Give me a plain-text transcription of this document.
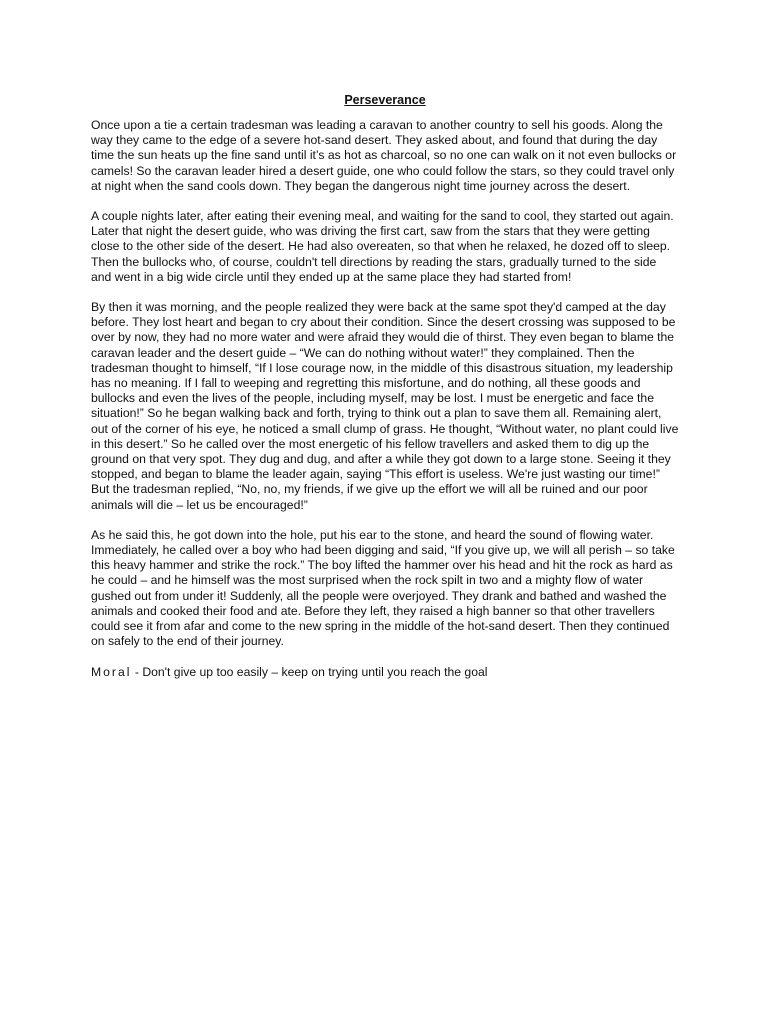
Perseverance

Once upon a tie a certain tradesman was leading a caravan to another country to sell his goods. Along the way they came to the edge of a severe hot-sand desert. They asked about, and found that during the day time the sun heats up the fine sand until it’s as hot as charcoal, so no one can walk on it not even bullocks or camels! So the caravan leader hired a desert guide, one who could follow the stars, so they could travel only at night when the sand cools down. They began the dangerous night time journey across the desert.

A couple nights later, after eating their evening meal, and waiting for the sand to cool, they started out again. Later that night the desert guide, who was driving the first cart, saw from the stars that they were getting close to the other side of the desert. He had also overeaten, so that when he relaxed, he dozed off to sleep. Then the bullocks who, of course, couldn't tell directions by reading the stars, gradually turned to the side and went in a big wide circle until they ended up at the same place they had started from!

By then it was morning, and the people realized they were back at the same spot they'd camped at the day before. They lost heart and began to cry about their condition. Since the desert crossing was supposed to be over by now, they had no more water and were afraid they would die of thirst. They even began to blame the caravan leader and the desert guide – “We can do nothing without water!” they complained. Then the tradesman thought to himself, “If I lose courage now, in the middle of this disastrous situation, my leadership has no meaning. If I fall to weeping and regretting this misfortune, and do nothing, all these goods and bullocks and even the lives of the people, including myself, may be lost. I must be energetic and face the situation!” So he began walking back and forth, trying to think out a plan to save them all. Remaining alert, out of the corner of his eye, he noticed a small clump of grass. He thought, “Without water, no plant could live in this desert.” So he called over the most energetic of his fellow travellers and asked them to dig up the ground on that very spot. They dug and dug, and after a while they got down to a large stone. Seeing it they stopped, and began to blame the leader again, saying “This effort is useless. We're just wasting our time!” But the tradesman replied, “No, no, my friends, if we give up the effort we will all be ruined and our poor animals will die – let us be encouraged!”

As he said this, he got down into the hole, put his ear to the stone, and heard the sound of flowing water. Immediately, he called over a boy who had been digging and said, “If you give up, we will all perish – so take this heavy hammer and strike the rock.” The boy lifted the hammer over his head and hit the rock as hard as he could – and he himself was the most surprised when the rock spilt in two and a mighty flow of water gushed out from under it! Suddenly, all the people were overjoyed. They drank and bathed and washed the animals and cooked their food and ate. Before they left, they raised a high banner so that other travellers could see it from afar and come to the new spring in the middle of the hot-sand desert. Then they continued on safely to the end of their journey.

Moral - Don't give up too easily – keep on trying until you reach the goal
